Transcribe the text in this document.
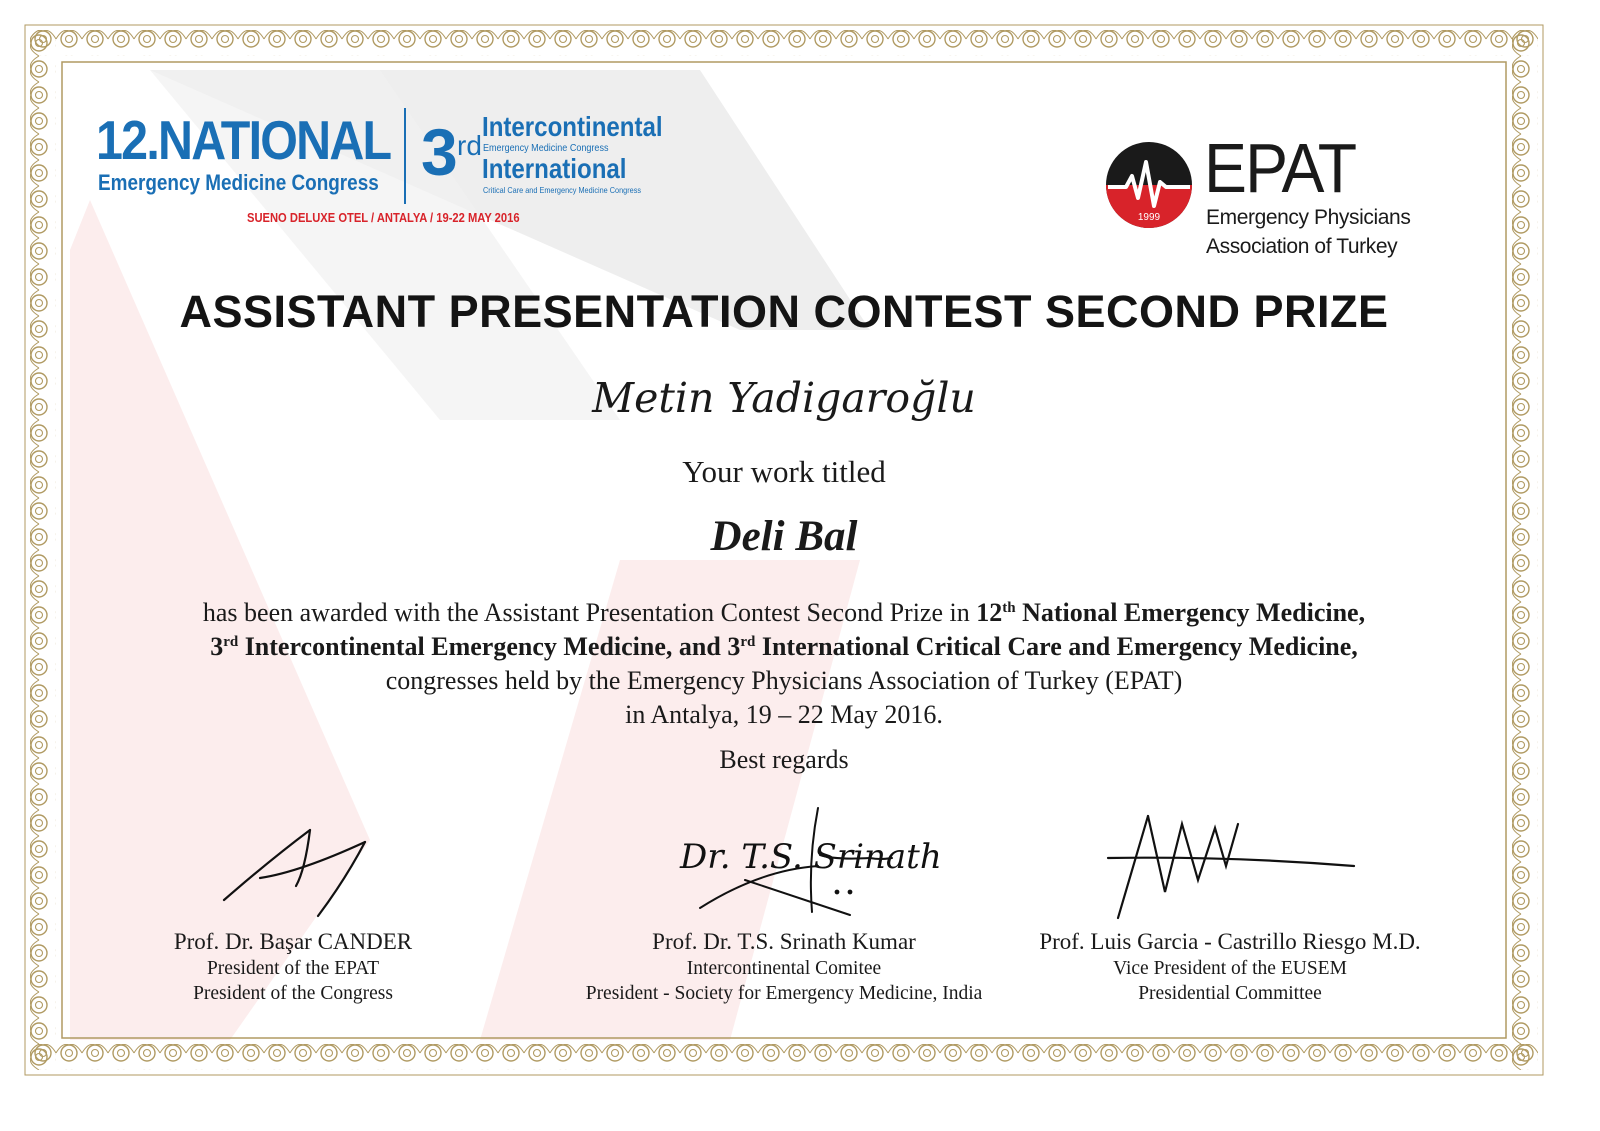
12.NATIONAL
Emergency Medicine Congress 3 rd
Intercontinental
Emergency Medicine Congress
International
Critical Care and Emergency Medicine Congress
SUENO DELUXE OTEL / ANTALYA / 19-22 MAY 2016	1999
EPAT
Emergency Physicians
Association of Turkey
ASSISTANT PRESENTATION CONTEST SECOND PRIZE
Metin Yadigaroğlu
Your work titled
Deli Bal
has been awarded with the Assistant Presentation Contest Second Prize in 12th National Emergency Medicine,
3rd Intercontinental Emergency Medicine, and 3rd International Critical Care and Emergency Medicine,
congresses held by the Emergency Physicians Association of Turkey (EPAT)
in Antalya, 19 – 22 May 2016.
Best regards
Dr. T.S. Srinath
Prof. Dr. Başar CANDER
President of the EPAT
President of the Congress
Prof. Dr. T.S. Srinath Kumar
Intercontinental Comitee
President - Society for Emergency Medicine, India
Prof. Luis Garcia - Castrillo Riesgo M.D.
Vice President of the EUSEM
Presidential Committee
